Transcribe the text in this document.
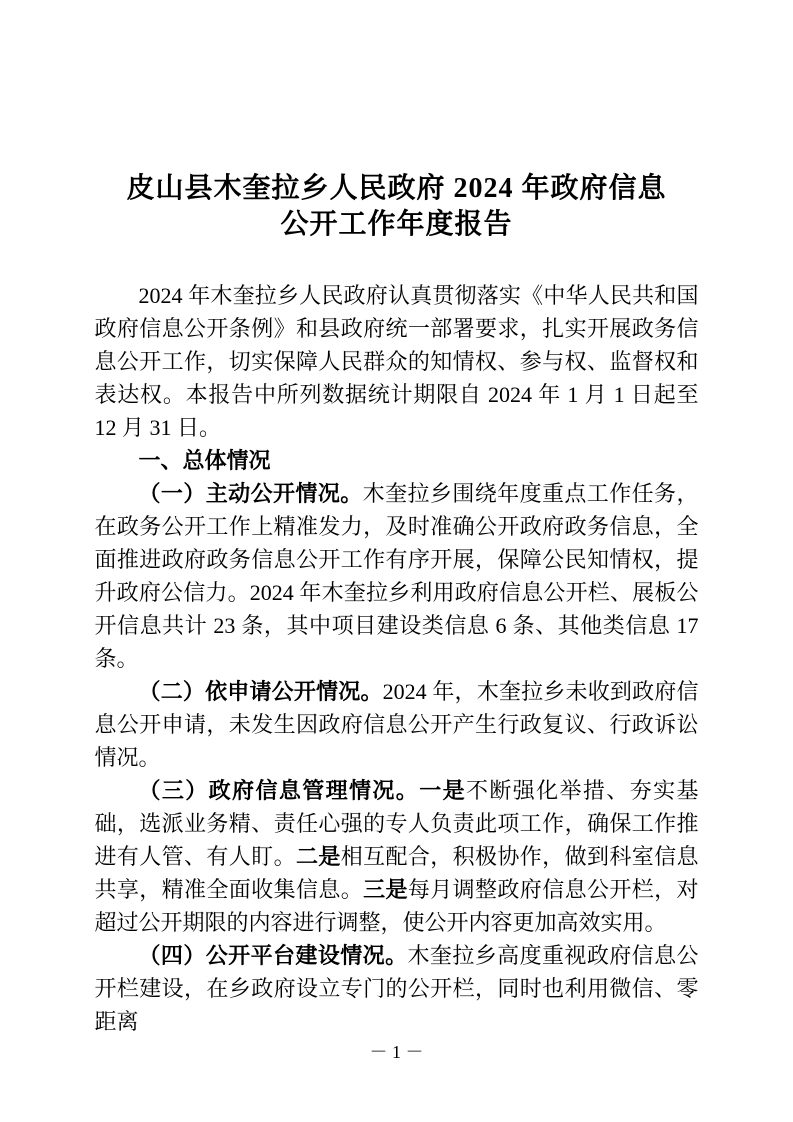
皮山县木奎拉乡人民政府 2024 年政府信息
公开工作年度报告

2024 年木奎拉乡人民政府认真贯彻落实《中华人民共和国政府信息公开条例》和县政府统一部署要求，扎实开展政务信息公开工作，切实保障人民群众的知情权、参与权、监督权和表达权。本报告中所列数据统计期限自 2024 年 1 月 1 日起至 12 月 31 日。

一、总体情况

（一）主动公开情况。木奎拉乡围绕年度重点工作任务，在政务公开工作上精准发力，及时准确公开政府政务信息，全面推进政府政务信息公开工作有序开展，保障公民知情权，提升政府公信力。2024 年木奎拉乡利用政府信息公开栏、展板公开信息共计 23 条，其中项目建设类信息 6 条、其他类信息 17 条。

（二）依申请公开情况。2024 年，木奎拉乡未收到政府信息公开申请，未发生因政府信息公开产生行政复议、行政诉讼情况。

（三）政府信息管理情况。一是不断强化举措、夯实基础，选派业务精、责任心强的专人负责此项工作，确保工作推进有人管、有人盯。二是相互配合，积极协作，做到科室信息共享，精准全面收集信息。三是每月调整政府信息公开栏，对超过公开期限的内容进行调整，使公开内容更加高效实用。

（四）公开平台建设情况。木奎拉乡高度重视政府信息公开栏建设，在乡政府设立专门的公开栏，同时也利用微信、零距离

－ 1 －
